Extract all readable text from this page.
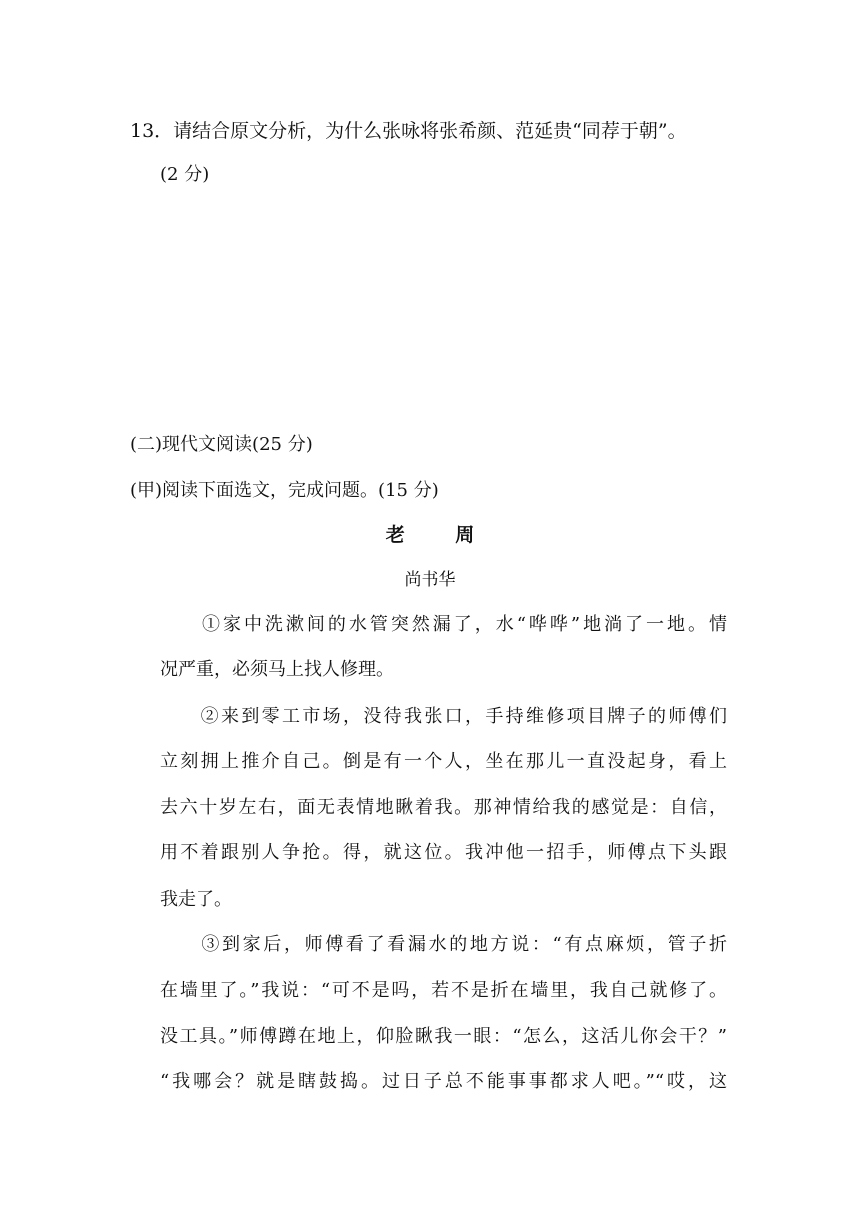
13．请结合原文分析，为什么张咏将张希颜、范延贵“同荐于朝”。
(2 分)
(二)现代文阅读(25 分)
(甲)阅读下面选文，完成问题。(15 分)
老 周
尚书华
　　①家中洗漱间的水管突然漏了，水“哗哗”地淌了一地。情
况严重，必须马上找人修理。
　　②来到零工市场，没待我张口，手持维修项目牌子的师傅们
立刻拥上推介自己。倒是有一个人，坐在那儿一直没起身，看上
去六十岁左右，面无表情地瞅着我。那神情给我的感觉是：自信，
用不着跟别人争抢。得，就这位。我冲他一招手，师傅点下头跟
我走了。
　　③到家后，师傅看了看漏水的地方说：“有点麻烦，管子折
在墙里了。”我说：“可不是吗，若不是折在墙里，我自己就修了。
没工具。”师傅蹲在地上，仰脸瞅我一眼：“怎么，这活儿你会干？”
“我哪会？就是瞎鼓捣。过日子总不能事事都求人吧。”“哎，这
